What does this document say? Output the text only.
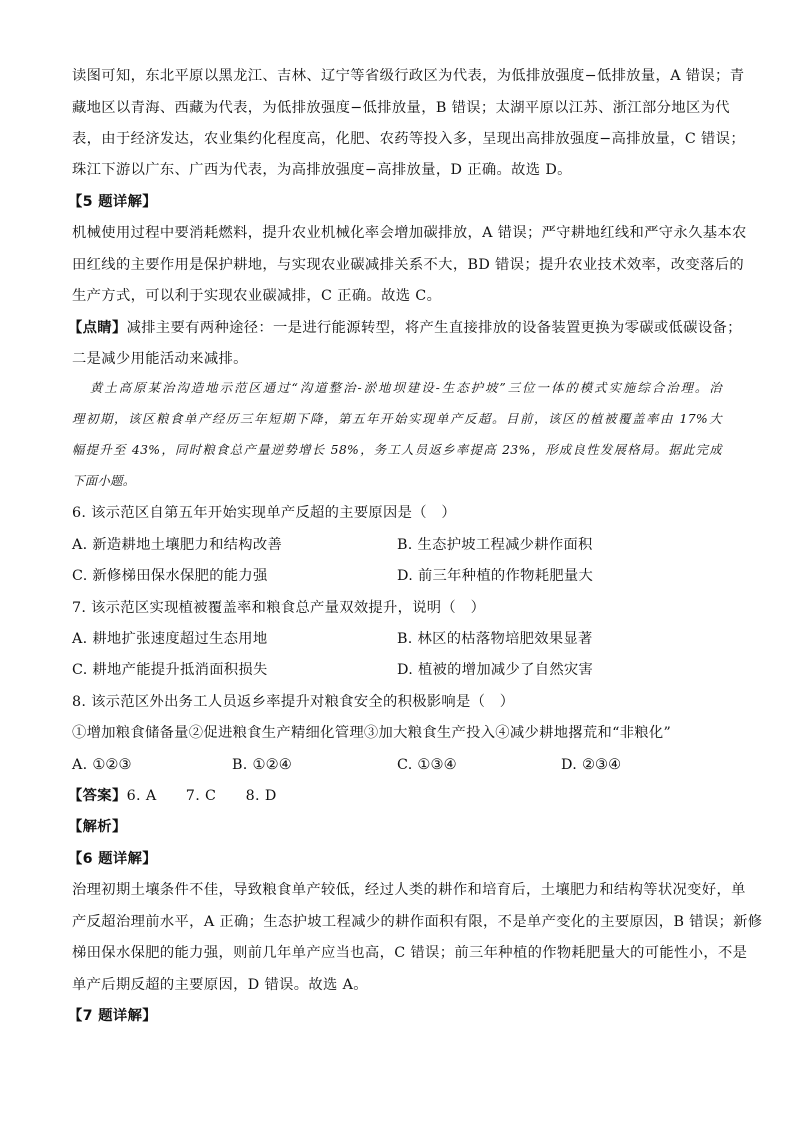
读图可知，东北平原以黑龙江、吉林、辽宁等省级行政区为代表，为低排放强度−低排放量，A 错误；青
藏地区以青海、西藏为代表，为低排放强度−低排放量，B 错误；太湖平原以江苏、浙江部分地区为代
表，由于经济发达，农业集约化程度高，化肥、农药等投入多，呈现出高排放强度−高排放量，C 错误；
珠江下游以广东、广西为代表，为高排放强度−高排放量，D 正确。故选 D。
【5 题详解】
机械使用过程中要消耗燃料，提升农业机械化率会增加碳排放，A 错误；严守耕地红线和严守永久基本农
田红线的主要作用是保护耕地，与实现农业碳减排关系不大，BD 错误；提升农业技术效率，改变落后的
生产方式，可以利于实现农业碳减排，C 正确。故选 C。
【点睛】减排主要有两种途径：一是进行能源转型，将产生直接排放的设备装置更换为零碳或低碳设备；
二是减少用能活动来减排。
黄土高原某治沟造地示范区通过“沟道整治-淤地坝建设-生态护坡”三位一体的模式实施综合治理。治
理初期，该区粮食单产经历三年短期下降，第五年开始实现单产反超。目前，该区的植被覆盖率由 17%大
幅提升至 43%，同时粮食总产量逆势增长 58%，务工人员返乡率提高 23%，形成良性发展格局。据此完成
下面小题。
6. 该示范区自第五年开始实现单产反超的主要原因是（　）
A. 新造耕地土壤肥力和结构改善	B. 生态护坡工程减少耕作面积
C. 新修梯田保水保肥的能力强	D. 前三年种植的作物耗肥量大
7. 该示范区实现植被覆盖率和粮食总产量双效提升，说明（　）
A. 耕地扩张速度超过生态用地	B. 林区的枯落物培肥效果显著
C. 耕地产能提升抵消面积损失	D. 植被的增加减少了自然灾害
8. 该示范区外出务工人员返乡率提升对粮食安全的积极影响是（　）
①增加粮食储备量②促进粮食生产精细化管理③加大粮食生产投入④减少耕地撂荒和“非粮化”
A. ①②③	B. ①②④	C. ①③④	D. ②③④
【答案】6. A　　7. C　　8. D
【解析】
【6 题详解】
治理初期土壤条件不佳，导致粮食单产较低，经过人类的耕作和培育后，土壤肥力和结构等状况变好，单
产反超治理前水平，A 正确；生态护坡工程减少的耕作面积有限，不是单产变化的主要原因，B 错误；新修
梯田保水保肥的能力强，则前几年单产应当也高，C 错误；前三年种植的作物耗肥量大的可能性小，不是
单产后期反超的主要原因，D 错误。故选 A。
【7 题详解】
